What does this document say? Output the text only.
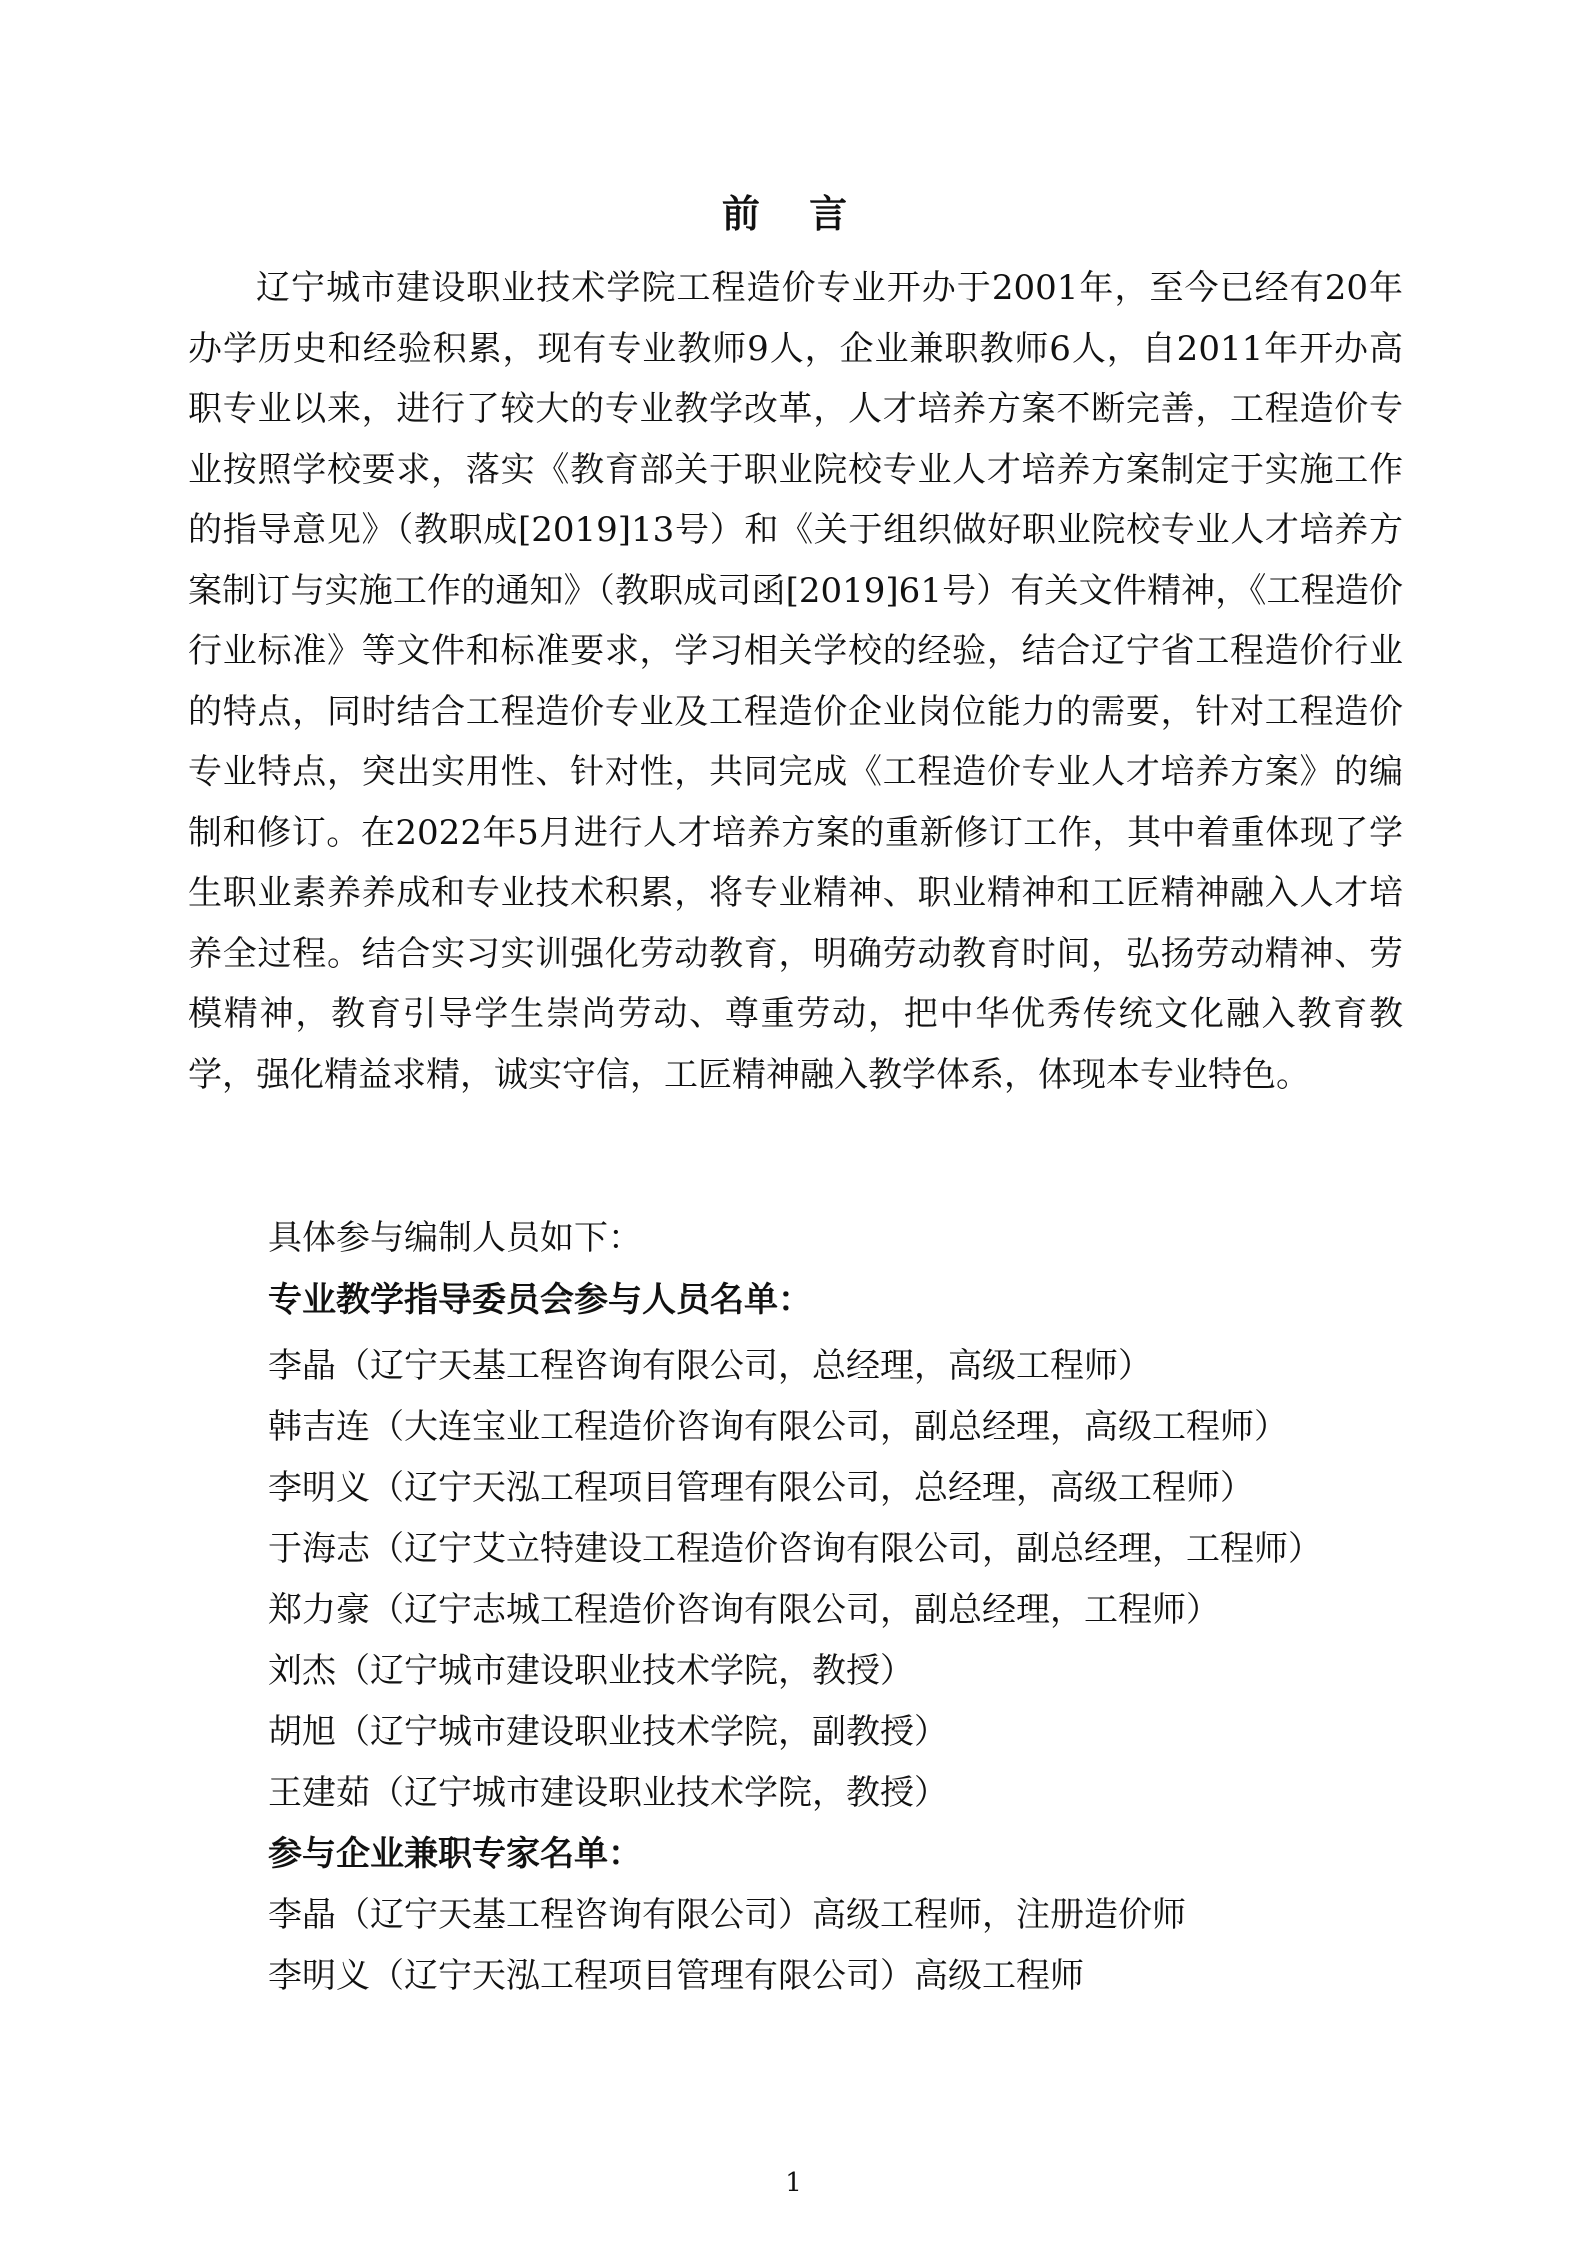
前 言

辽宁城市建设职业技术学院工程造价专业开办于2001年，至今已经有20年办学历史和经验积累，现有专业教师9人，企业兼职教师6人，自2011年开办高职专业以来，进行了较大的专业教学改革，人才培养方案不断完善，工程造价专业按照学校要求，落实《教育部关于职业院校专业人才培养方案制定于实施工作的指导意见》（教职成[2019]13号）和《关于组织做好职业院校专业人才培养方案制订与实施工作的通知》（教职成司函[2019]61号）有关文件精神，《工程造价行业标准》等文件和标准要求，学习相关学校的经验，结合辽宁省工程造价行业的特点，同时结合工程造价专业及工程造价企业岗位能力的需要，针对工程造价专业特点，突出实用性、针对性，共同完成《工程造价专业人才培养方案》的编制和修订。在2022年5月进行人才培养方案的重新修订工作，其中着重体现了学生职业素养养成和专业技术积累，将专业精神、职业精神和工匠精神融入人才培养全过程。结合实习实训强化劳动教育，明确劳动教育时间，弘扬劳动精神、劳模精神，教育引导学生崇尚劳动、尊重劳动，把中华优秀传统文化融入教育教学，强化精益求精，诚实守信，工匠精神融入教学体系，体现本专业特色。

具体参与编制人员如下：

专业教学指导委员会参与人员名单：

李晶（辽宁天基工程咨询有限公司，总经理，高级工程师）

韩吉连（大连宝业工程造价咨询有限公司，副总经理，高级工程师）

李明义（辽宁天泓工程项目管理有限公司，总经理，高级工程师）

于海志（辽宁艾立特建设工程造价咨询有限公司，副总经理，工程师）

郑力豪（辽宁志城工程造价咨询有限公司，副总经理，工程师）

刘杰（辽宁城市建设职业技术学院，教授）

胡旭（辽宁城市建设职业技术学院，副教授）

王建茹（辽宁城市建设职业技术学院，教授）

参与企业兼职专家名单：

李晶（辽宁天基工程咨询有限公司）高级工程师，注册造价师

李明义（辽宁天泓工程项目管理有限公司）高级工程师

1
